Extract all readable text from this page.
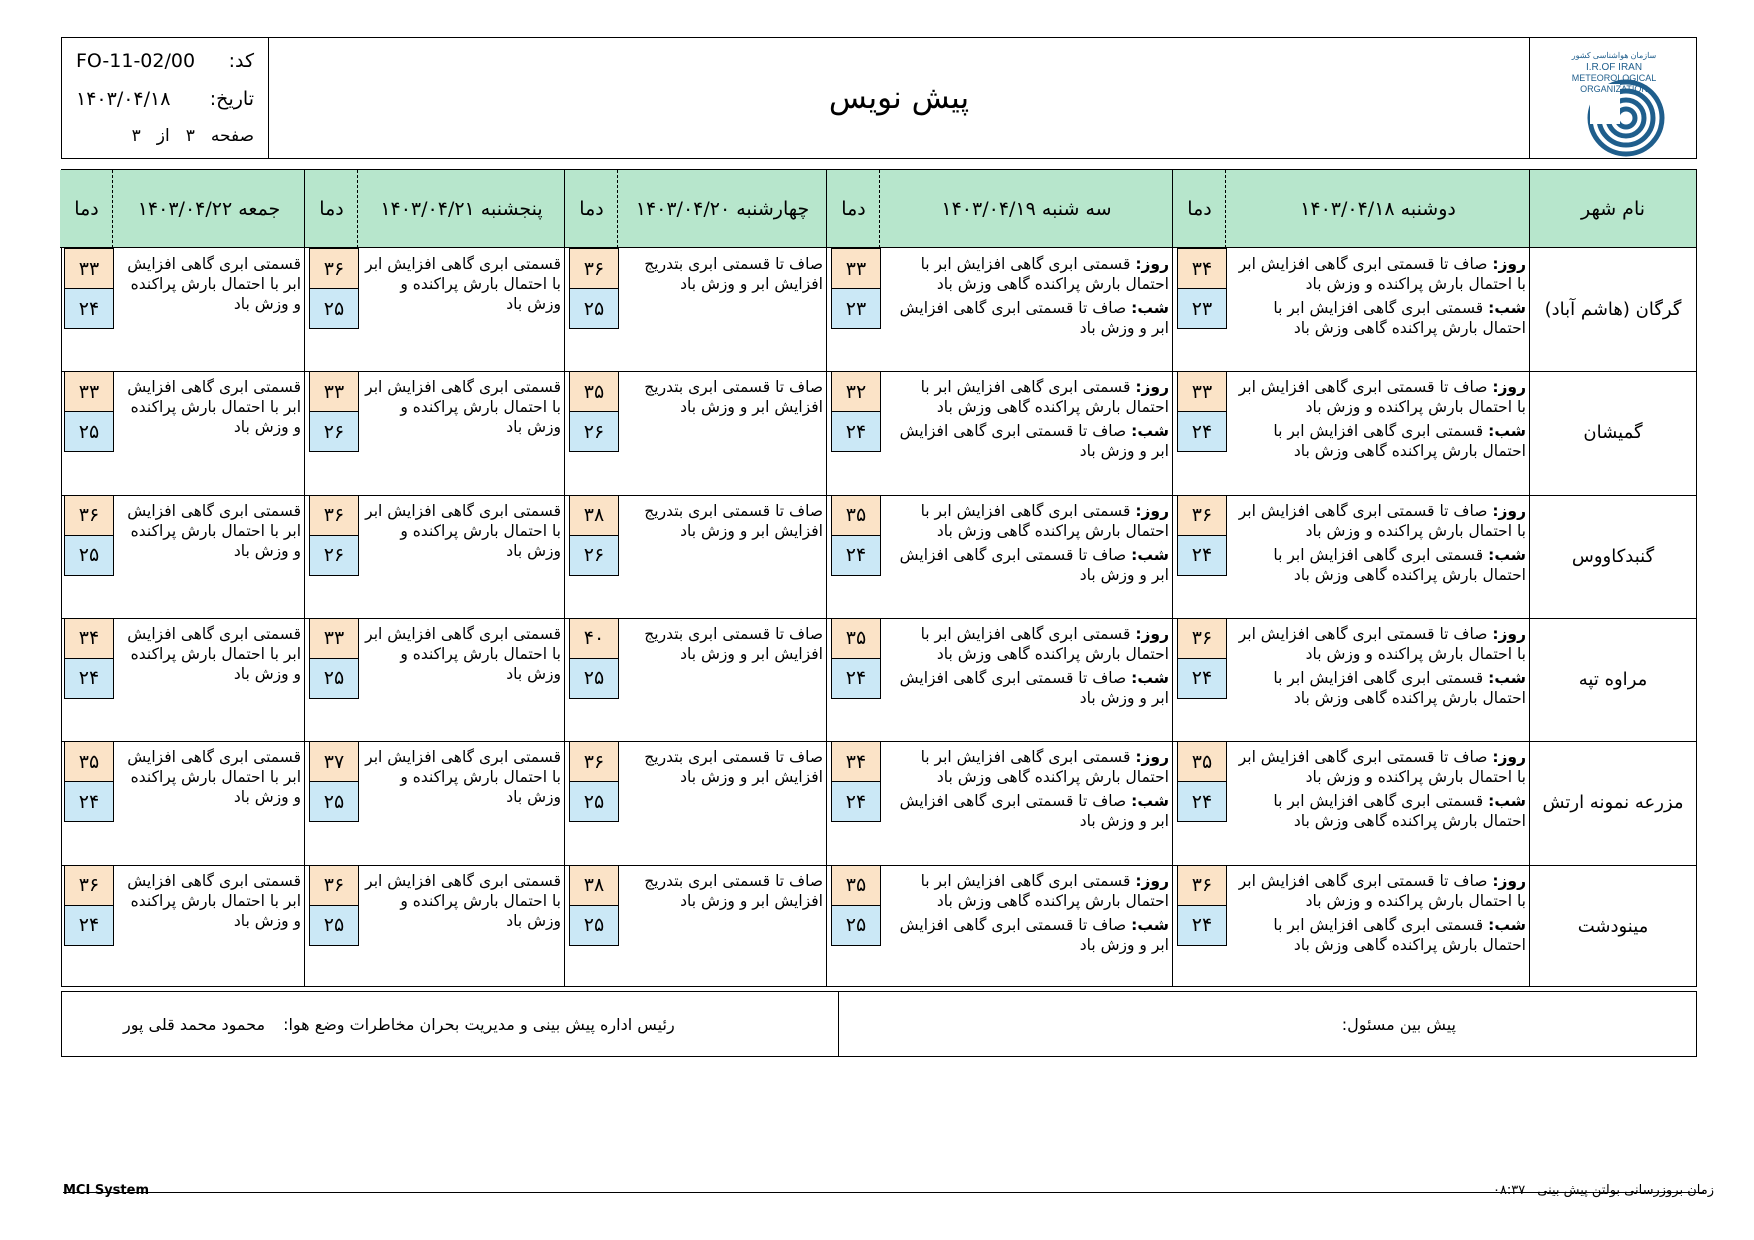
سازمان هواشناسی کشور
I.R.OF IRAN
METEOROLOGICAL
ORGANIZATION
پیش نویس
کد:
FO-11-02/00
تاریخ:
۱۴۰۳/۰۴/۱۸
صفحه
۳
از
۳
نام شهر
دوشنبه ۱۴۰۳/۰۴/۱۸
دما
سه شنبه ۱۴۰۳/۰۴/۱۹
دما
چهارشنبه ۱۴۰۳/۰۴/۲۰
دما
پنجشنبه ۱۴۰۳/۰۴/۲۱
دما
جمعه ۱۴۰۳/۰۴/۲۲
دما
گرگان (هاشم آباد)
روز: صاف تا قسمتی ابری گاهی افزایش ابر با احتمال بارش پراکنده و وزش باد
شب: قسمتی ابری گاهی افزایش ابر با احتمال بارش پراکنده گاهی وزش باد
۳۴
۲۳
روز: قسمتی ابری گاهی افزایش ابر با احتمال بارش پراکنده گاهی وزش باد
شب: صاف تا قسمتی ابری گاهی افزایش ابر و وزش باد
۳۳
۲۳
صاف تا قسمتی ابری بتدریج افزایش ابر و وزش باد
۳۶
۲۵
قسمتی ابری گاهی افزایش ابر با احتمال بارش پراکنده و وزش باد
۳۶
۲۵
قسمتی ابری گاهی افزایش ابر با احتمال بارش پراکنده و وزش باد
۳۳
۲۴
گمیشان
روز: صاف تا قسمتی ابری گاهی افزایش ابر با احتمال بارش پراکنده و وزش باد
شب: قسمتی ابری گاهی افزایش ابر با احتمال بارش پراکنده گاهی وزش باد
۳۳
۲۴
روز: قسمتی ابری گاهی افزایش ابر با احتمال بارش پراکنده گاهی وزش باد
شب: صاف تا قسمتی ابری گاهی افزایش ابر و وزش باد
۳۲
۲۴
صاف تا قسمتی ابری بتدریج افزایش ابر و وزش باد
۳۵
۲۶
قسمتی ابری گاهی افزایش ابر با احتمال بارش پراکنده و وزش باد
۳۳
۲۶
قسمتی ابری گاهی افزایش ابر با احتمال بارش پراکنده و وزش باد
۳۳
۲۵
گنبدکاووس
روز: صاف تا قسمتی ابری گاهی افزایش ابر با احتمال بارش پراکنده و وزش باد
شب: قسمتی ابری گاهی افزایش ابر با احتمال بارش پراکنده گاهی وزش باد
۳۶
۲۴
روز: قسمتی ابری گاهی افزایش ابر با احتمال بارش پراکنده گاهی وزش باد
شب: صاف تا قسمتی ابری گاهی افزایش ابر و وزش باد
۳۵
۲۴
صاف تا قسمتی ابری بتدریج افزایش ابر و وزش باد
۳۸
۲۶
قسمتی ابری گاهی افزایش ابر با احتمال بارش پراکنده و وزش باد
۳۶
۲۶
قسمتی ابری گاهی افزایش ابر با احتمال بارش پراکنده و وزش باد
۳۶
۲۵
مراوه تپه
روز: صاف تا قسمتی ابری گاهی افزایش ابر با احتمال بارش پراکنده و وزش باد
شب: قسمتی ابری گاهی افزایش ابر با احتمال بارش پراکنده گاهی وزش باد
۳۶
۲۴
روز: قسمتی ابری گاهی افزایش ابر با احتمال بارش پراکنده گاهی وزش باد
شب: صاف تا قسمتی ابری گاهی افزایش ابر و وزش باد
۳۵
۲۴
صاف تا قسمتی ابری بتدریج افزایش ابر و وزش باد
۴۰
۲۵
قسمتی ابری گاهی افزایش ابر با احتمال بارش پراکنده و وزش باد
۳۳
۲۵
قسمتی ابری گاهی افزایش ابر با احتمال بارش پراکنده و وزش باد
۳۴
۲۴
مزرعه نمونه ارتش
روز: صاف تا قسمتی ابری گاهی افزایش ابر با احتمال بارش پراکنده و وزش باد
شب: قسمتی ابری گاهی افزایش ابر با احتمال بارش پراکنده گاهی وزش باد
۳۵
۲۴
روز: قسمتی ابری گاهی افزایش ابر با احتمال بارش پراکنده گاهی وزش باد
شب: صاف تا قسمتی ابری گاهی افزایش ابر و وزش باد
۳۴
۲۴
صاف تا قسمتی ابری بتدریج افزایش ابر و وزش باد
۳۶
۲۵
قسمتی ابری گاهی افزایش ابر با احتمال بارش پراکنده و وزش باد
۳۷
۲۵
قسمتی ابری گاهی افزایش ابر با احتمال بارش پراکنده و وزش باد
۳۵
۲۴
مینودشت
روز: صاف تا قسمتی ابری گاهی افزایش ابر با احتمال بارش پراکنده و وزش باد
شب: قسمتی ابری گاهی افزایش ابر با احتمال بارش پراکنده گاهی وزش باد
۳۶
۲۴
روز: قسمتی ابری گاهی افزایش ابر با احتمال بارش پراکنده گاهی وزش باد
شب: صاف تا قسمتی ابری گاهی افزایش ابر و وزش باد
۳۵
۲۵
صاف تا قسمتی ابری بتدریج افزایش ابر و وزش باد
۳۸
۲۵
قسمتی ابری گاهی افزایش ابر با احتمال بارش پراکنده و وزش باد
۳۶
۲۵
قسمتی ابری گاهی افزایش ابر با احتمال بارش پراکنده و وزش باد
۳۶
۲۴
پیش بین مسئول:
رئیس اداره پیش بینی و مدیریت بحران مخاطرات وضع هوا:
محمود محمد قلی پور
MCI System	زمان بروزرسانی بولتن پیش بینی
۰۸:۳۷
